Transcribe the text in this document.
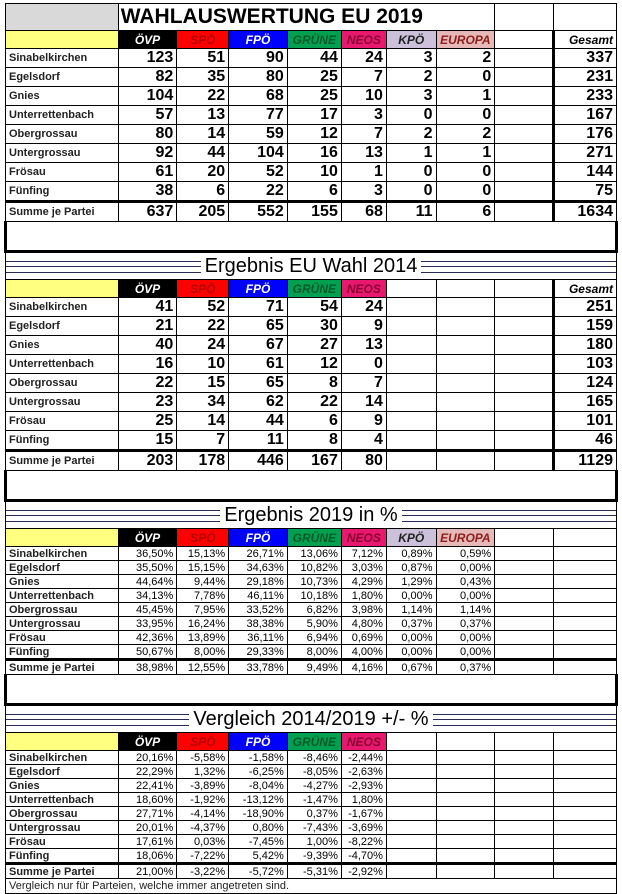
	WAHLAUSWERTUNG EU 2019								
	ÖVP	SPÖ	FPÖ	GRÜNE	NEOS	KPÖ	EUROPA		Gesamt
Sinabelkirchen	123	51	90	44	24	3	2		337
Egelsdorf	82	35	80	25	7	2	0		231
Gnies	104	22	68	25	10	3	1		233
Unterrettenbach	57	13	77	17	3	0	0		167
Obergrossau	80	14	59	12	7	2	2		176
Untergrossau	92	44	104	16	13	1	1		271
Frösau	61	20	52	10	1	0	0		144
Fünfing	38	6	22	6	3	0	0		75
Summe je Partei	637	205	552	155	68	11	6		1634

Ergebnis EU Wahl 2014									
	ÖVP	SPÖ	FPÖ	GRÜNE	NEOS				Gesamt
Sinabelkirchen	41	52	71	54	24				251
Egelsdorf	21	22	65	30	9				159
Gnies	40	24	67	27	13				180
Unterrettenbach	16	10	61	12	0				103
Obergrossau	22	15	65	8	7				124
Untergrossau	23	34	62	22	14				165
Frösau	25	14	44	6	9				101
Fünfing	15	7	11	8	4				46
Summe je Partei	203	178	446	167	80				1129

Ergebnis 2019 in %									
	ÖVP	SPÖ	FPÖ	GRÜNE	NEOS	KPÖ	EUROPA		
Sinabelkirchen	36,50%	15,13%	26,71%	13,06%	7,12%	0,89%	0,59%		
Egelsdorf	35,50%	15,15%	34,63%	10,82%	3,03%	0,87%	0,00%		
Gnies	44,64%	9,44%	29,18%	10,73%	4,29%	1,29%	0,43%		
Unterrettenbach	34,13%	7,78%	46,11%	10,18%	1,80%	0,00%	0,00%		
Obergrossau	45,45%	7,95%	33,52%	6,82%	3,98%	1,14%	1,14%		
Untergrossau	33,95%	16,24%	38,38%	5,90%	4,80%	0,37%	0,37%		
Frösau	42,36%	13,89%	36,11%	6,94%	0,69%	0,00%	0,00%		
Fünfing	50,67%	8,00%	29,33%	8,00%	4,00%	0,00%	0,00%		
Summe je Partei	38,98%	12,55%	33,78%	9,49%	4,16%	0,67%	0,37%		

Vergleich 2014/2019 +/- %									
	ÖVP	SPÖ	FPÖ	GRÜNE	NEOS				
Sinabelkirchen	20,16%	-5,58%	-1,58%	-8,46%	-2,44%				
Egelsdorf	22,29%	1,32%	-6,25%	-8,05%	-2,63%				
Gnies	22,41%	-3,89%	-8,04%	-4,27%	-2,93%				
Unterrettenbach	18,60%	-1,92%	-13,12%	-1,47%	1,80%				
Obergrossau	27,71%	-4,14%	-18,90%	0,37%	-1,67%				
Untergrossau	20,01%	-4,37%	0,80%	-7,43%	-3,69%				
Frösau	17,61%	0,03%	-7,45%	1,00%	-8,22%				
Fünfing	18,06%	-7,22%	5,42%	-9,39%	-4,70%				
Summe je Partei	21,00%	-3,22%	-5,72%	-5,31%	-2,92%				
Vergleich nur für Parteien, welche immer angetreten sind.									
